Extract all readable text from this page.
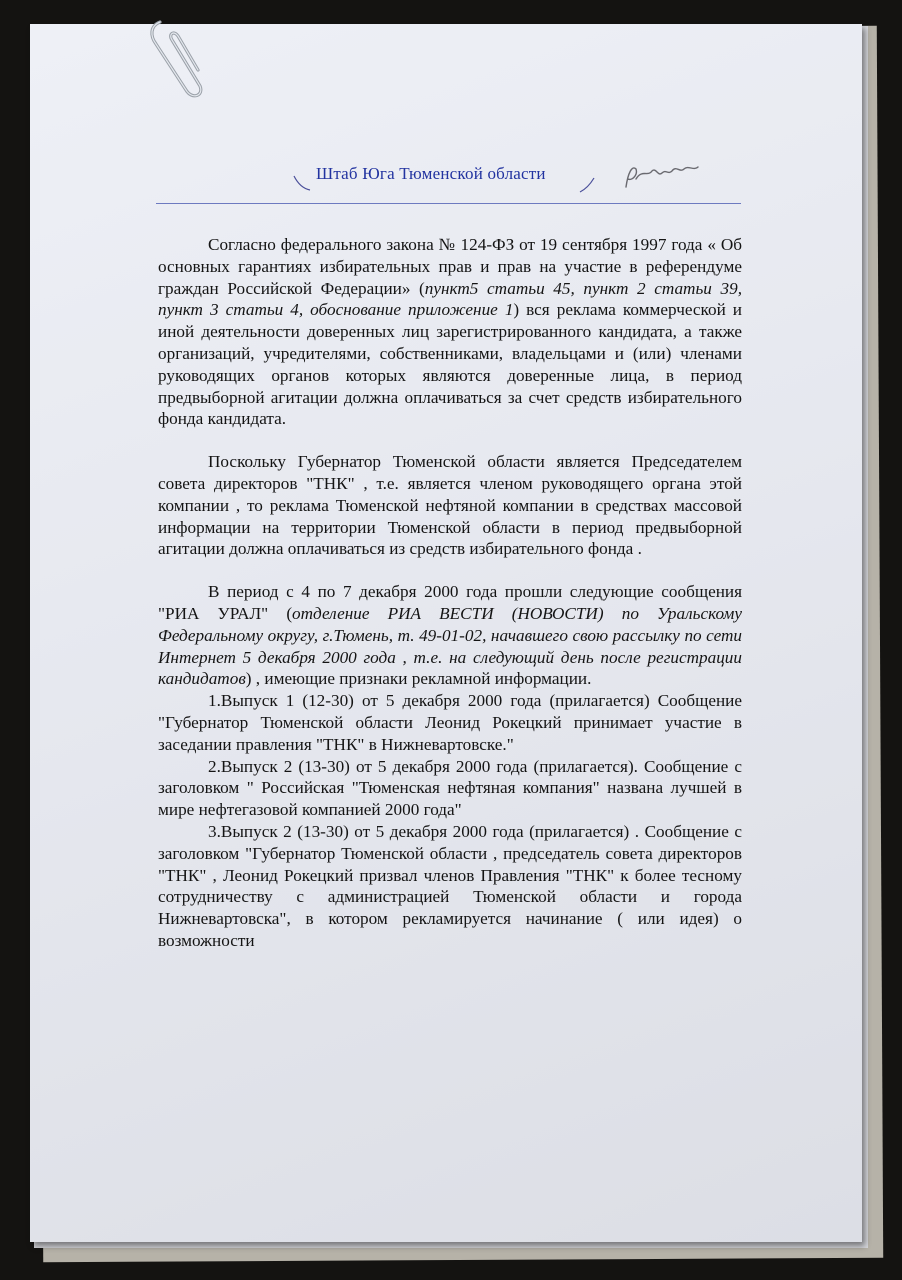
Штаб Юга Тюменской области
д.рии

Согласно федерального закона № 124-ФЗ от 19 сентября 1997 года « Об основных гарантиях избирательных прав и прав на участие в референдуме граждан Российской Федерации» (пункт5 статьи 45, пункт 2 статьи 39, пункт 3 статьи 4, обоснование приложение 1) вся реклама коммерческой и иной деятельности доверенных лиц зарегистрированного кандидата, а также организаций, учредителями, собственниками, владельцами и (или) членами руководящих органов которых являются доверенные лица, в период предвыборной агитации должна оплачиваться за счет средств избирательного фонда кандидата.

Поскольку Губернатор Тюменской области является Председателем совета директоров "ТНК" , т.е. является членом руководящего органа этой компании , то реклама Тюменской нефтяной компании в средствах массовой информации на территории Тюменской области в период предвыборной агитации должна оплачиваться из средств избирательного фонда .

В период с 4 по 7 декабря 2000 года прошли следующие сообщения "РИА УРАЛ" (отделение РИА ВЕСТИ (НОВОСТИ) по Уральскому Федеральному округу, г.Тюмень, т. 49-01-02, начавшего свою рассылку по сети Интернет 5 декабря 2000 года , т.е. на следующий день после регистрации кандидатов) , имеющие признаки рекламной информации.

1.Выпуск 1 (12-30) от 5 декабря 2000 года (прилагается) Сообщение "Губернатор Тюменской области Леонид Рокецкий принимает участие в заседании правления "ТНК" в Нижневартовске."

2.Выпуск 2 (13-30) от 5 декабря 2000 года (прилагается). Сообщение с заголовком " Российская "Тюменская нефтяная компания" названа лучшей в мире нефтегазовой компанией 2000 года"

3.Выпуск 2 (13-30) от 5 декабря 2000 года (прилагается) . Сообщение с заголовком "Губернатор Тюменской области , председатель совета директоров "ТНК" , Леонид Рокецкий призвал членов Правления "ТНК" к более тесному сотрудничеству с администрацией Тюменской области и города Нижневартовска", в котором рекламируется начинание ( или идея) о возможности
